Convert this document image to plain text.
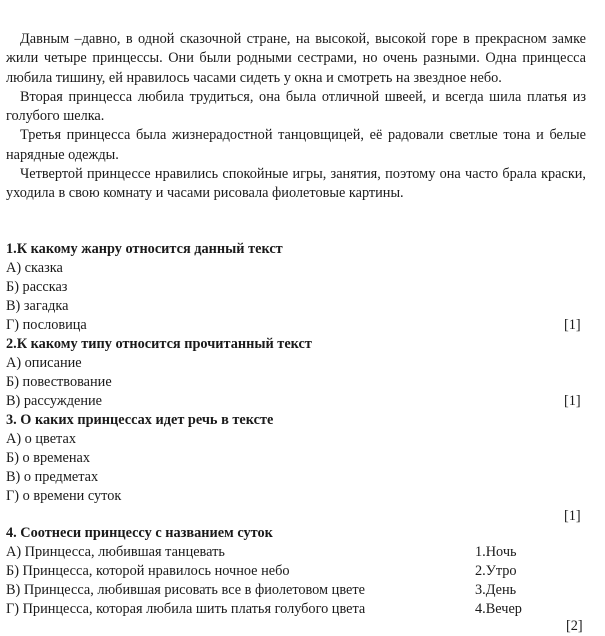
Давным –давно, в одной сказочной стране, на высокой, высокой горе в прекрасном замке жили четыре принцессы. Они были родными сестрами, но очень разными. Одна принцесса любила тишину, ей нравилось часами сидеть у окна и смотреть на звездное небо.

Вторая принцесса любила трудиться, она была отличной швеей, и всегда шила платья из голубого шелка.

Третья принцесса была жизнерадостной танцовщицей, её радовали светлые тона и белые нарядные одежды.

Четвертой принцессе нравились спокойные игры, занятия, поэтому она часто брала краски, уходила в свою комнату и часами рисовала фиолетовые картины.

1.К какому жанру относится данный текст
А) сказка
Б) рассказ
В) загадка
Г) пословица	[1]
2.К какому типу относится прочитанный текст
А) описание
Б) повествование
В) рассуждение	[1]
3. О каких принцессах идет речь в тексте
А) о цветах
Б) о временах
В) о предметах
Г) о времени суток
[1]
4. Соотнеси принцессу с названием суток
А) Принцесса, любившая танцевать
Б) Принцесса, которой нравилось ночное небо
В) Принцесса, любившая рисовать все в фиолетовом цвете
Г) Принцесса, которая любила шить платья голубого цвета
1.Ночь
2.Утро
3.День
4.Вечер
[2]
